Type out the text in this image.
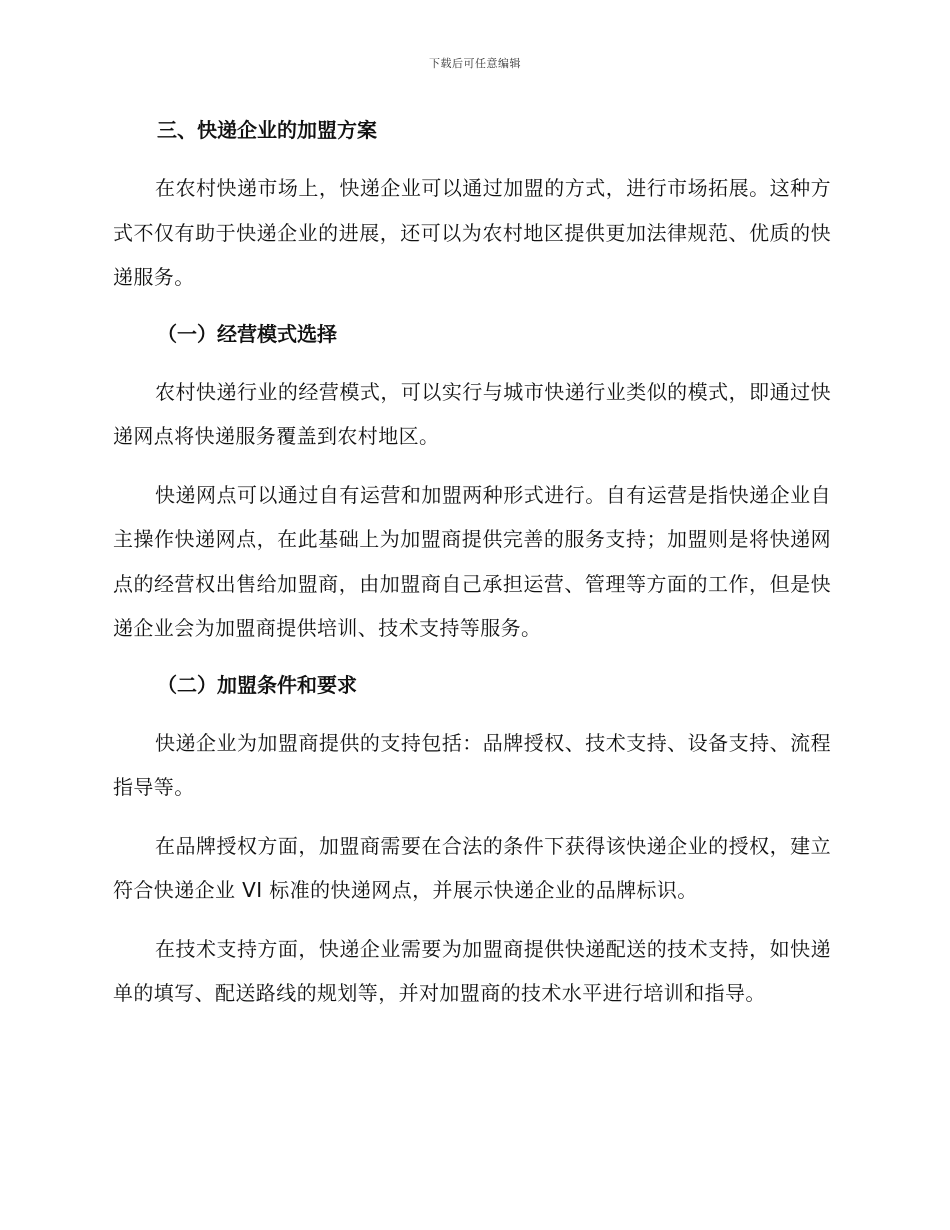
下载后可任意编辑
三、快递企业的加盟方案

在农村快递市场上，快递企业可以通过加盟的方式，进行市场拓展。这种方式不仅有助于快递企业的进展，还可以为农村地区提供更加法律规范、优质的快递服务。

（一）经营模式选择

农村快递行业的经营模式，可以实行与城市快递行业类似的模式，即通过快递网点将快递服务覆盖到农村地区。

快递网点可以通过自有运营和加盟两种形式进行。自有运营是指快递企业自主操作快递网点，在此基础上为加盟商提供完善的服务支持；加盟则是将快递网点的经营权出售给加盟商，由加盟商自己承担运营、管理等方面的工作，但是快递企业会为加盟商提供培训、技术支持等服务。

（二）加盟条件和要求

快递企业为加盟商提供的支持包括：品牌授权、技术支持、设备支持、流程指导等。

在品牌授权方面，加盟商需要在合法的条件下获得该快递企业的授权，建立符合快递企业 VI 标准的快递网点，并展示快递企业的品牌标识。

在技术支持方面，快递企业需要为加盟商提供快递配送的技术支持，如快递单的填写、配送路线的规划等，并对加盟商的技术水平进行培训和指导。
